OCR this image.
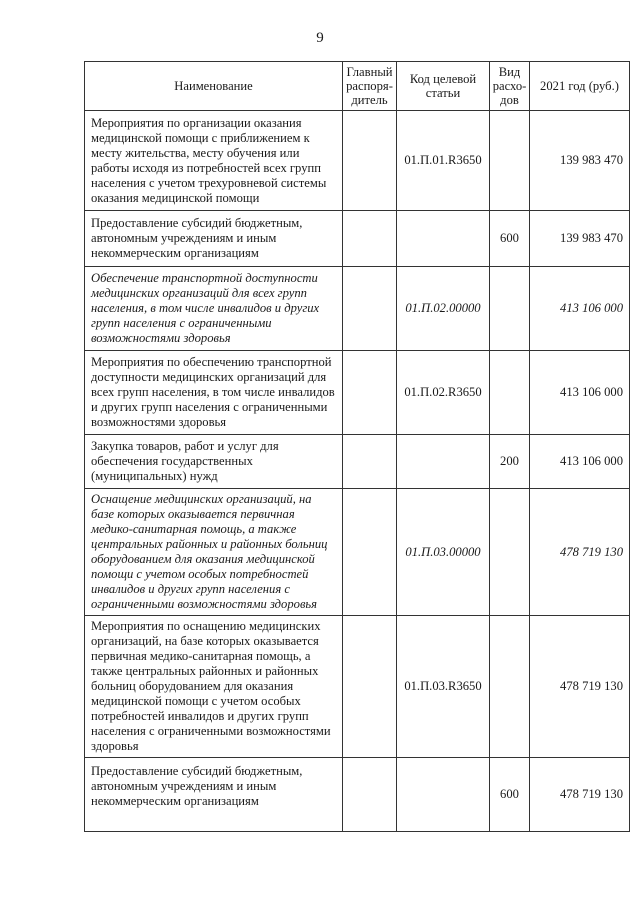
9
Наименование	Главный распоря-дитель	Код целевой статьи	Вид расхо-дов	2021 год (руб.)
Мероприятия по организации оказания медицинской помощи с приближением к месту жительства, месту обучения или работы исходя из потребностей всех групп населения с учетом трехуровневой системы оказания медицинской помощи		01.П.01.R3650		139 983 470
Предоставление субсидий бюджетным, автономным учреждениям и иным некоммерческим организациям			600	139 983 470
Обеспечение транспортной доступности медицинских организаций для всех групп населения, в том числе инвалидов и других групп населения с ограниченными возможностями здоровья		01.П.02.00000		413 106 000
Мероприятия по обеспечению транспортной доступности медицинских организаций для всех групп населения, в том числе инвалидов и других групп населения с ограниченными возможностями здоровья		01.П.02.R3650		413 106 000
Закупка товаров, работ и услуг для обеспечения государственных (муниципальных) нужд			200	413 106 000
Оснащение медицинских организаций, на базе которых оказывается первичная медико-санитарная помощь, а также центральных районных и районных больниц оборудованием для оказания медицинской помощи с учетом особых потребностей инвалидов и других групп населения с ограниченными возможностями здоровья		01.П.03.00000		478 719 130
Мероприятия по оснащению медицинских организаций, на базе которых оказывается первичная медико-санитарная помощь, а также центральных районных и районных больниц оборудованием для оказания медицинской помощи с учетом особых потребностей инвалидов и других групп населения с ограниченными возможностями здоровья		01.П.03.R3650		478 719 130
Предоставление субсидий бюджетным, автономным учреждениям и иным некоммерческим организациям			600	478 719 130
